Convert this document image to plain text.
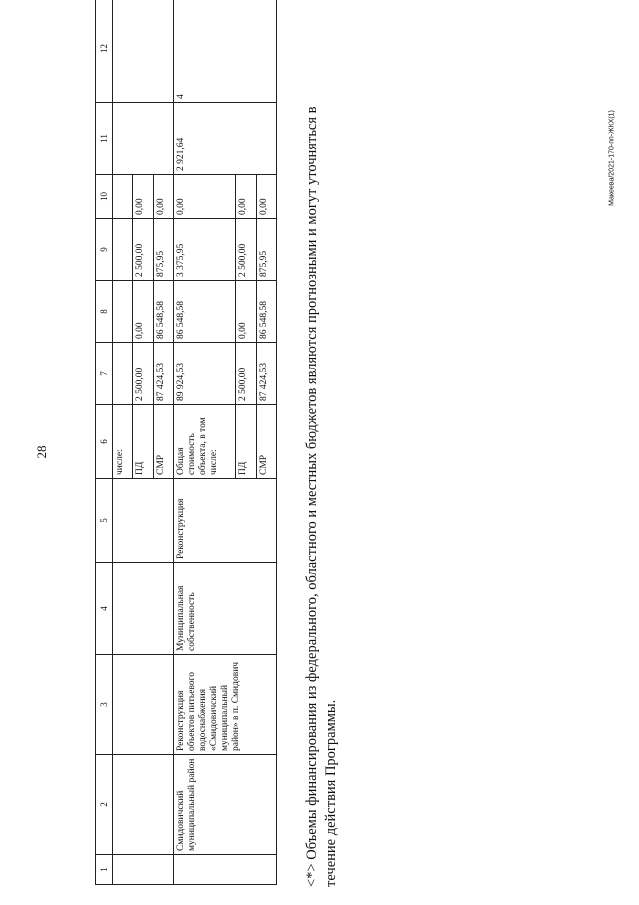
28
1	2	3	4	5	6	7	8	9	10	11	12
					числе:						
					ПД	2 500,00	0,00	2 500,00	0,00		
					СМР	87 424,53	86 548,58	875,95	0,00		
	Смидовичский муниципальный район	Реконструкция объектов питьевого водоснабжения «Смидовичский муниципальный район» в п. Смидович	Муниципальная собственность	Реконструкция	Общая стоимость объекта, в том числе:	89 924,53	86 548,58	3 375,95	0,00	2 921,64	4
					ПД	2 500,00	0,00	2 500,00	0,00		
					СМР	87 424,53	86 548,58	875,95	0,00		<*> Объемы финансирования из федерального, областного и местных бюджетов являются прогнозными и могут уточняться в течение действия Программы.
Макеева/2021-170-пп-ЖКХ(1)
